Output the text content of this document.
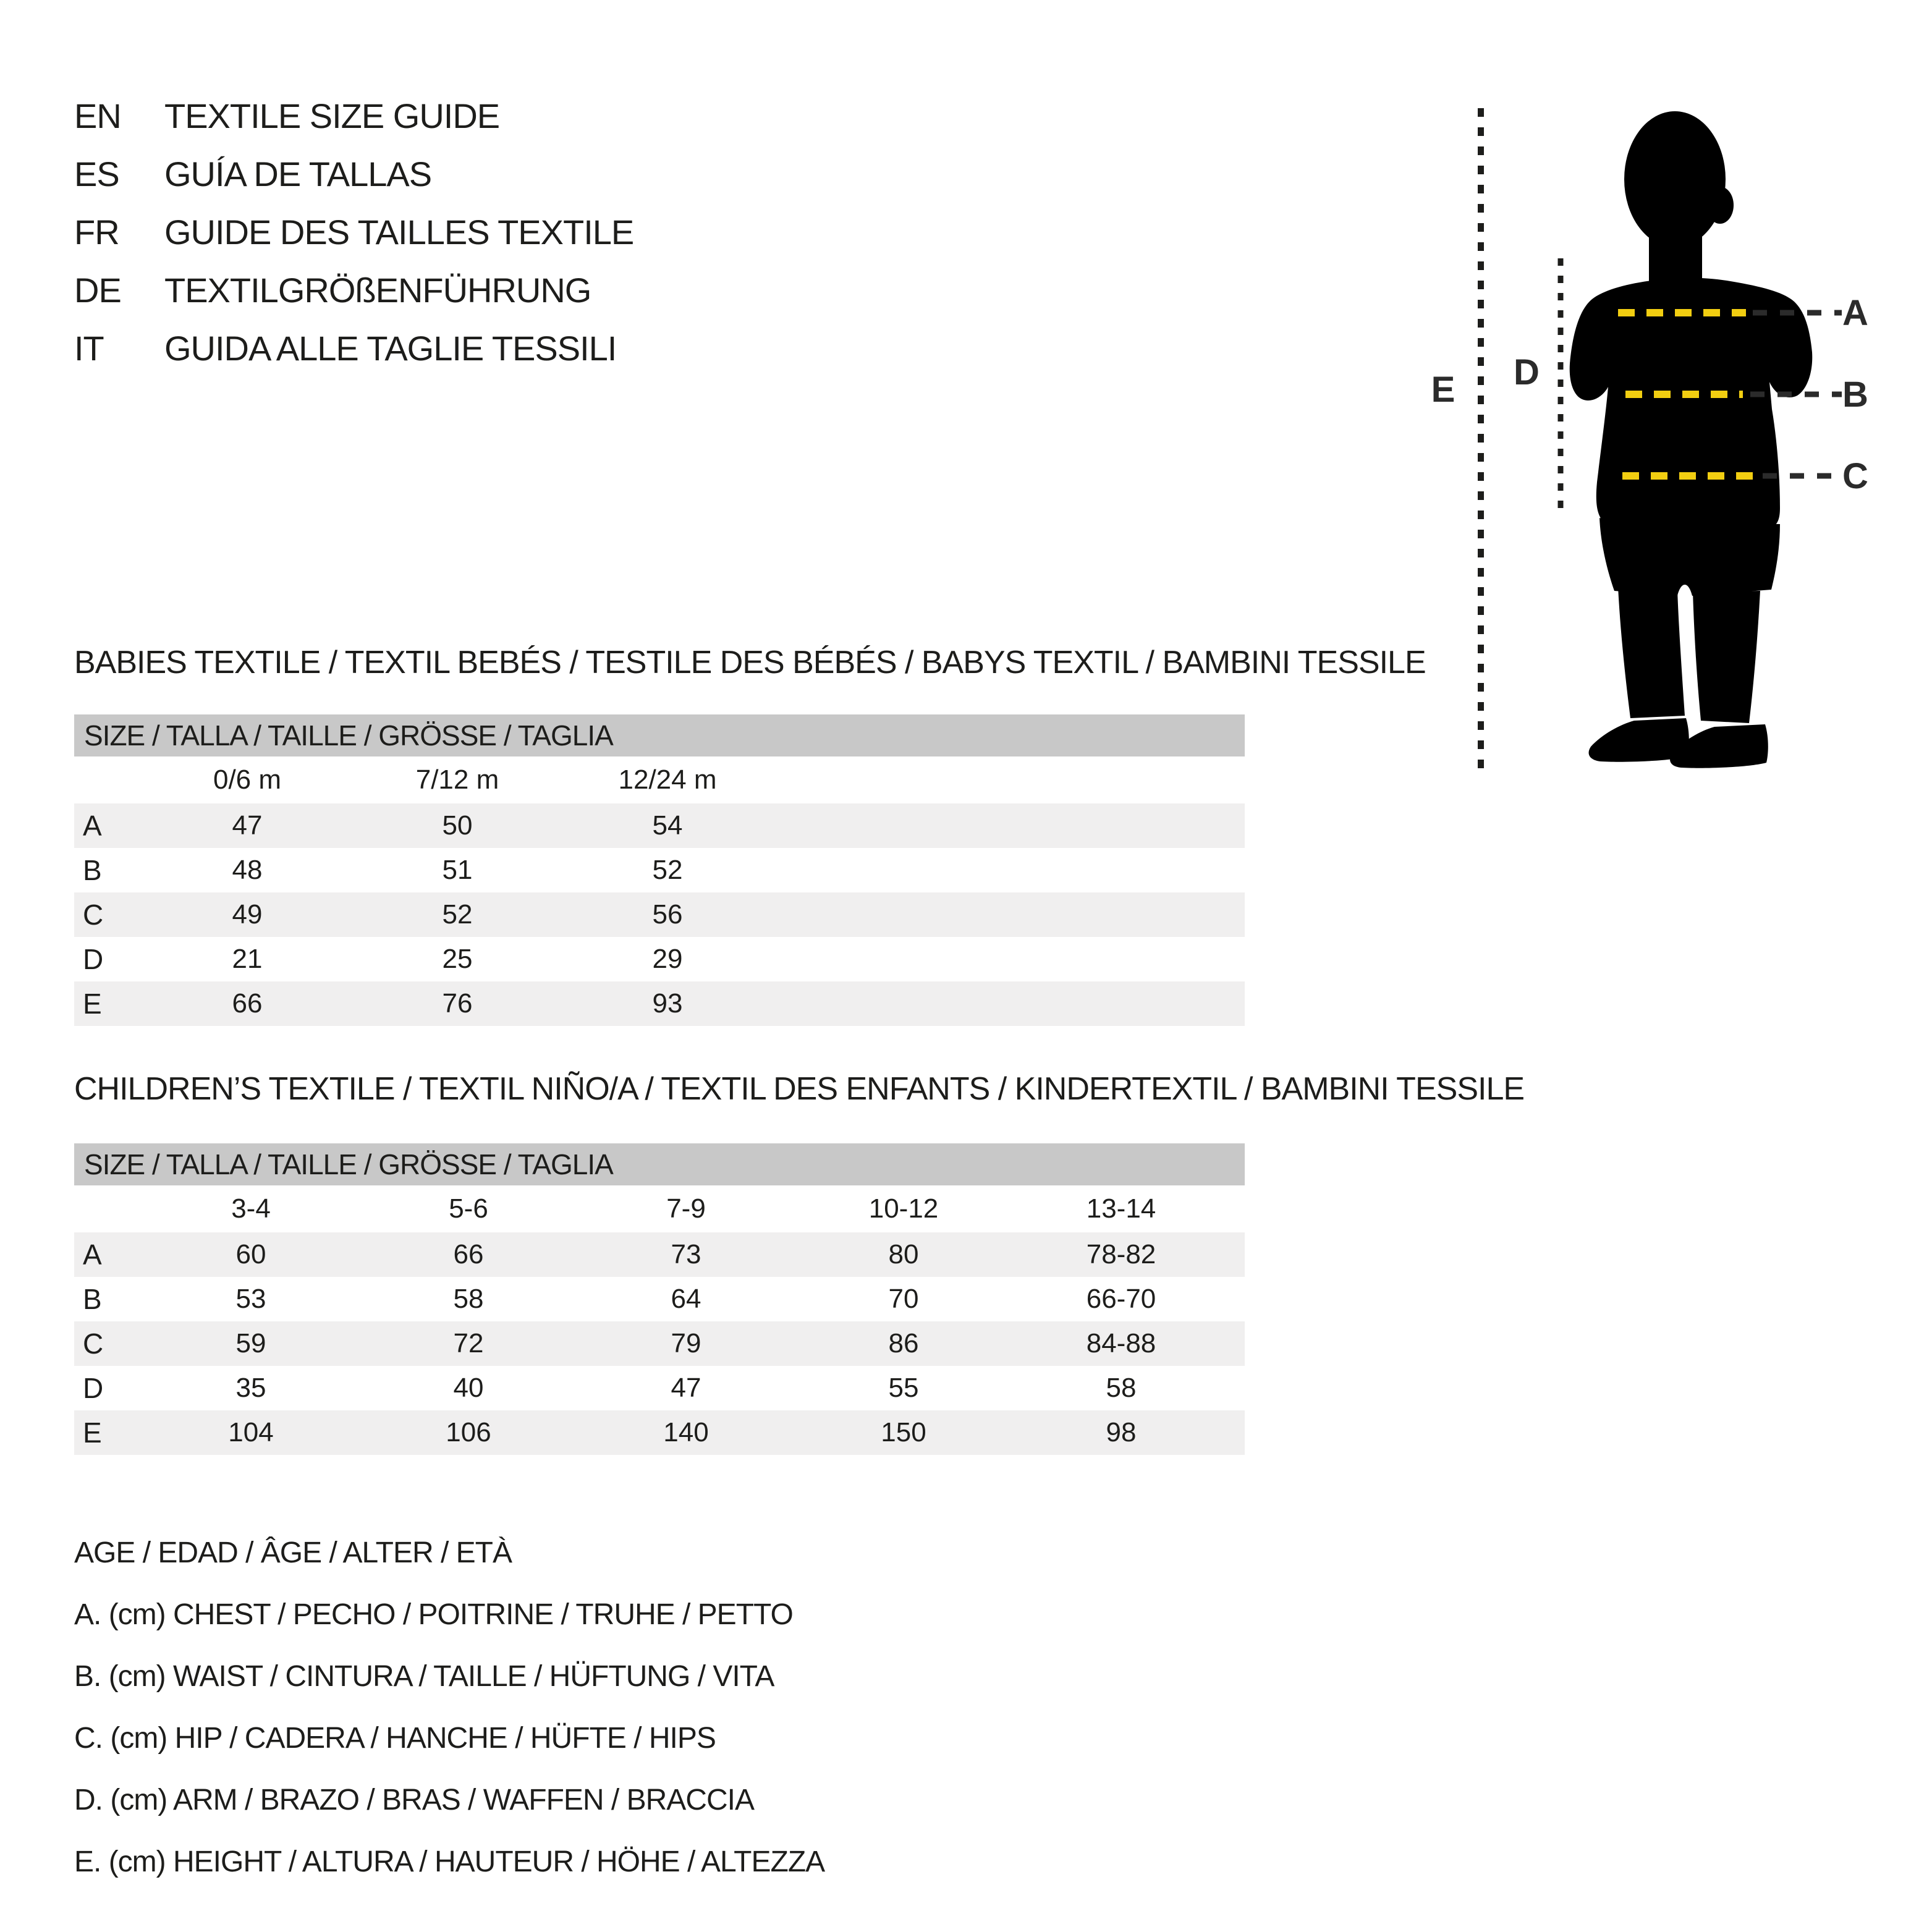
EN	TEXTILE SIZE GUIDE
ES	GUÍA DE TALLAS
FR	GUIDE DES TAILLES TEXTILE
DE	TEXTILGRÖßENFÜHRUNG
IT	GUIDA ALLE TAGLIE TESSILI
A
B
C
D
E
BABIES TEXTILE / TEXTIL BEBÉS / TESTILE DES BÉBÉS / BABYS TEXTIL / BAMBINI TESSILE
SIZE / TALLA / TAILLE / GRÖSSE / TAGLIA
	0/6 m	7/12 m	12/24 m	
A	47	50	54	
B	48	51	52	
C	49	52	56	
D	21	25	29	
E	66	76	93	
CHILDREN’S TEXTILE / TEXTIL NIÑO/A / TEXTIL DES ENFANTS / KINDERTEXTIL / BAMBINI TESSILE
SIZE / TALLA / TAILLE / GRÖSSE / TAGLIA
	3-4	5-6	7-9	10-12	13-14	
A	60	66	73	80	78-82	
B	53	58	64	70	66-70	
C	59	72	79	86	84-88	
D	35	40	47	55	58	
E	104	106	140	150	98	
AGE / EDAD / ÂGE / ALTER / ETÀ
A. (cm) CHEST / PECHO / POITRINE / TRUHE / PETTO
B. (cm) WAIST / CINTURA / TAILLE / HÜFTUNG / VITA
C. (cm) HIP / CADERA / HANCHE / HÜFTE / HIPS
D. (cm) ARM / BRAZO / BRAS / WAFFEN / BRACCIA
E. (cm) HEIGHT / ALTURA / HAUTEUR / HÖHE / ALTEZZA
